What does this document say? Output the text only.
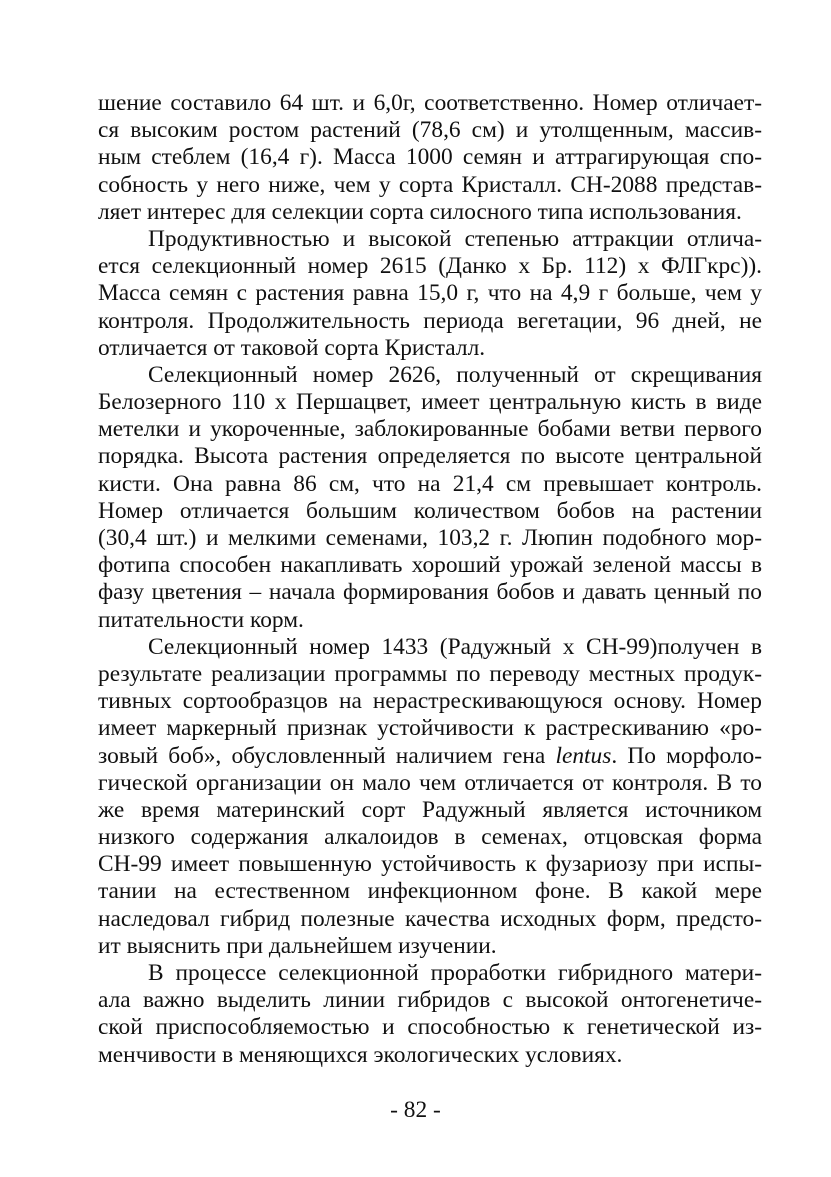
шение составило 64 шт. и 6,0г, соответственно. Номер отличает-
ся высоким ростом растений (78,6 см) и утолщенным, массив-
ным стеблем (16,4 г). Масса 1000 семян и аттрагирующая спо-
собность у него ниже, чем у сорта Кристалл. СН-2088 представ-
ляет интерес для селекции сорта силосного типа использования.
Продуктивностью и высокой степенью аттракции отлича-
ется селекционный номер 2615 (Данко х Бр. 112) х ФЛГкрс)).
Масса семян с растения равна 15,0 г, что на 4,9 г больше, чем у
контроля. Продолжительность периода вегетации, 96 дней, не
отличается от таковой сорта Кристалл.
Селекционный номер 2626, полученный от скрещивания
Белозерного 110 х Першацвет, имеет центральную кисть в виде
метелки и укороченные, заблокированные бобами ветви первого
порядка. Высота растения определяется по высоте центральной
кисти. Она равна 86 см, что на 21,4 см превышает контроль.
Номер отличается большим количеством бобов на растении
(30,4 шт.) и мелкими семенами, 103,2 г. Люпин подобного мор-
фотипа способен накапливать хороший урожай зеленой массы в
фазу цветения – начала формирования бобов и давать ценный по
питательности корм.
Селекционный номер 1433 (Радужный х СН-99)получен в
результате реализации программы по переводу местных продук-
тивных сортообразцов на нерастрескивающуюся основу. Номер
имеет маркерный признак устойчивости к растрескиванию «ро-
зовый боб», обусловленный наличием гена lentus. По морфоло-
гической организации он мало чем отличается от контроля. В то
же время материнский сорт Радужный является источником
низкого содержания алкалоидов в семенах, отцовская форма
СН-99 имеет повышенную устойчивость к фузариозу при испы-
тании на естественном инфекционном фоне. В какой мере
наследовал гибрид полезные качества исходных форм, предсто-
ит выяснить при дальнейшем изучении.
В процессе селекционной проработки гибридного матери-
ала важно выделить линии гибридов с высокой онтогенетиче-
ской приспособляемостью и способностью к генетической из-
менчивости в меняющихся экологических условиях.
- 82 -
